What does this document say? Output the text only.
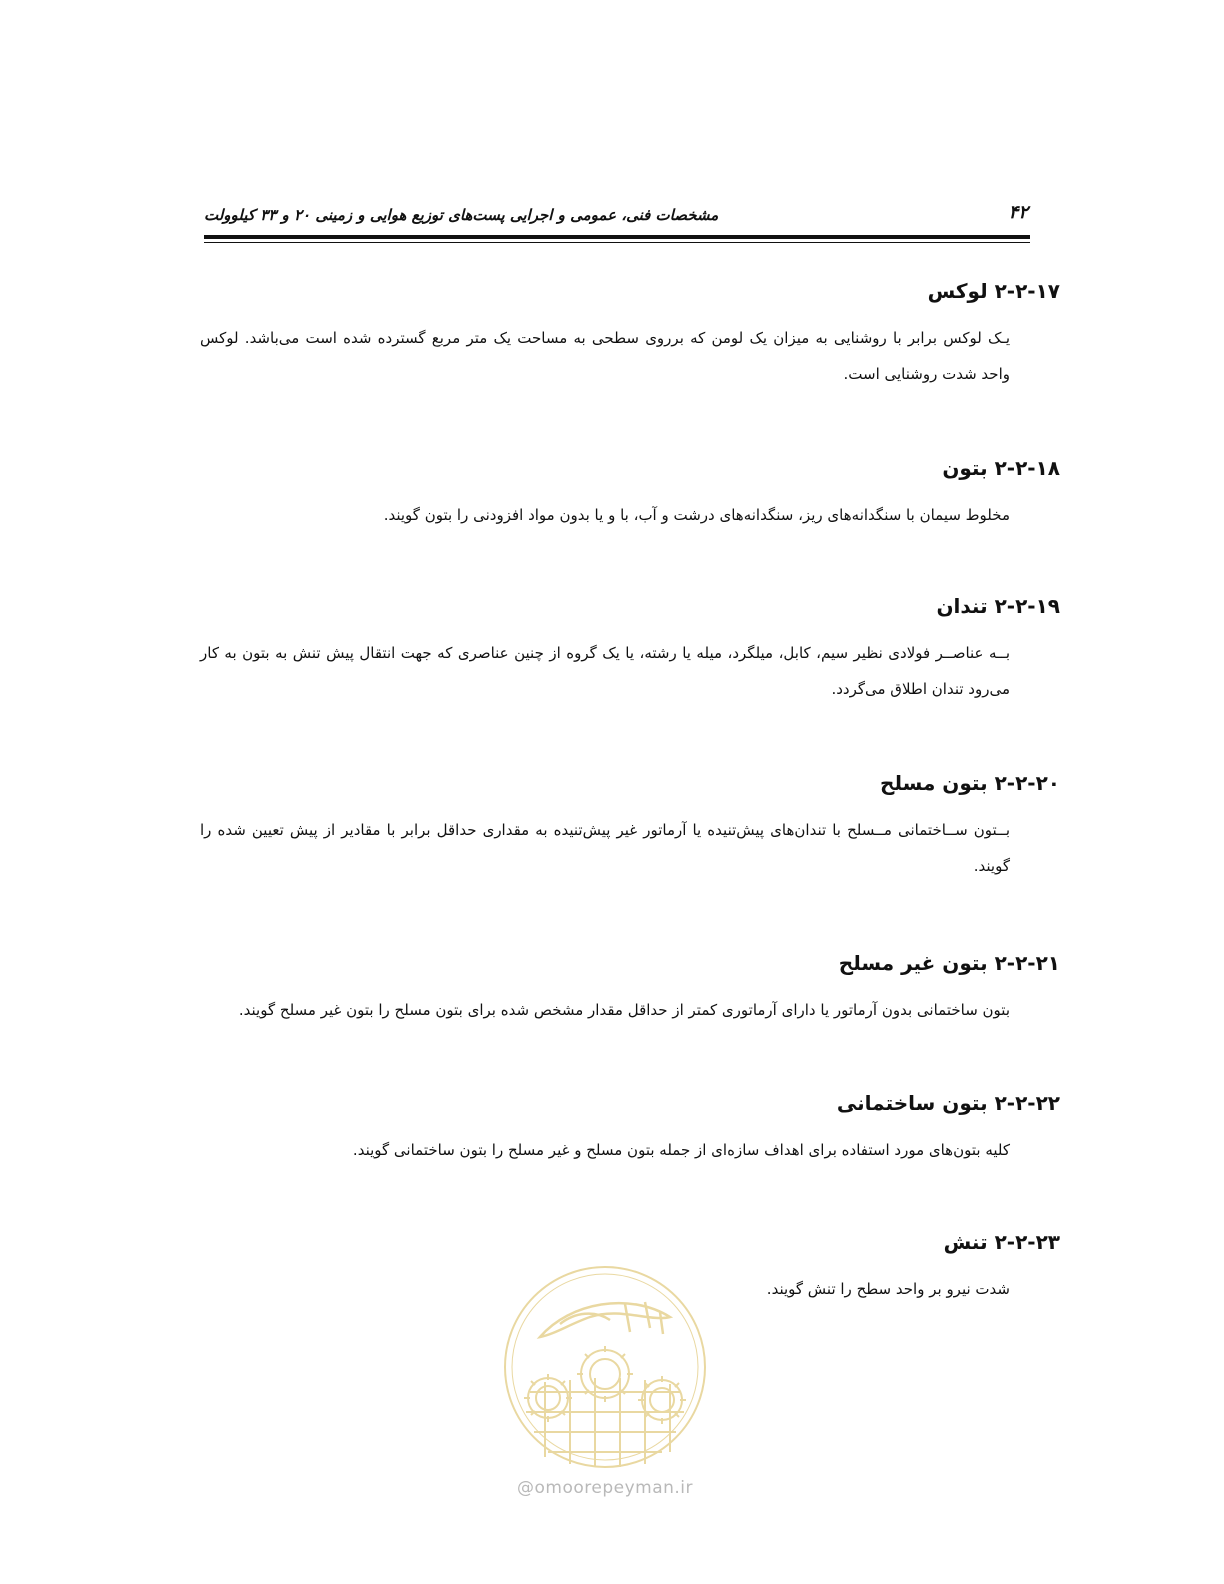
مشخصات فنی، عمومی و اجرایی پست‌های توزیع هوایی و زمینی ۲۰ و ۳۳ کیلوولت	۴۲
۲-۲-۱۷ لوکس

یـک لوکس برابر با روشنایی به میزان یک لومن که برروی سطحی به مساحت یک متر مربع گسترده شده است می‌باشد. لوکس واحد شدت روشنایی است.

۲-۲-۱۸ بتون

مخلوط سیمان با سنگدانه‌های ریز، سنگدانه‌های درشت و آب، با و یا بدون مواد افزودنی را بتون گویند.

۲-۲-۱۹ تندان

بــه عناصــر فولادی نظیر سیم، کابل، میلگرد، میله یا رشته، یا یک گروه از چنین عناصری که جهت انتقال پیش تنش به بتون به کار می‌رود تندان اطلاق می‌گردد.

۲-۲-۲۰ بتون مسلح

بــتون ســاختمانی مــسلح با تندان‌های پیش‌تنیده یا آرماتور غیر پیش‌تنیده به مقداری حداقل برابر با مقادیر از پیش تعیین شده را گویند.

۲-۲-۲۱ بتون غیر مسلح

بتون ساختمانی بدون آرماتور یا دارای آرماتوری کمتر از حداقل مقدار مشخص شده برای بتون مسلح را بتون غیر مسلح گویند.

۲-۲-۲۲ بتون ساختمانی

کلیه بتون‌های مورد استفاده برای اهداف سازه‌ای از جمله بتون مسلح و غیر مسلح را بتون ساختمانی گویند.

۲-۲-۲۳ تنش

شدت نیرو بر واحد سطح را تنش گویند.

@omoorepeyman.ir
